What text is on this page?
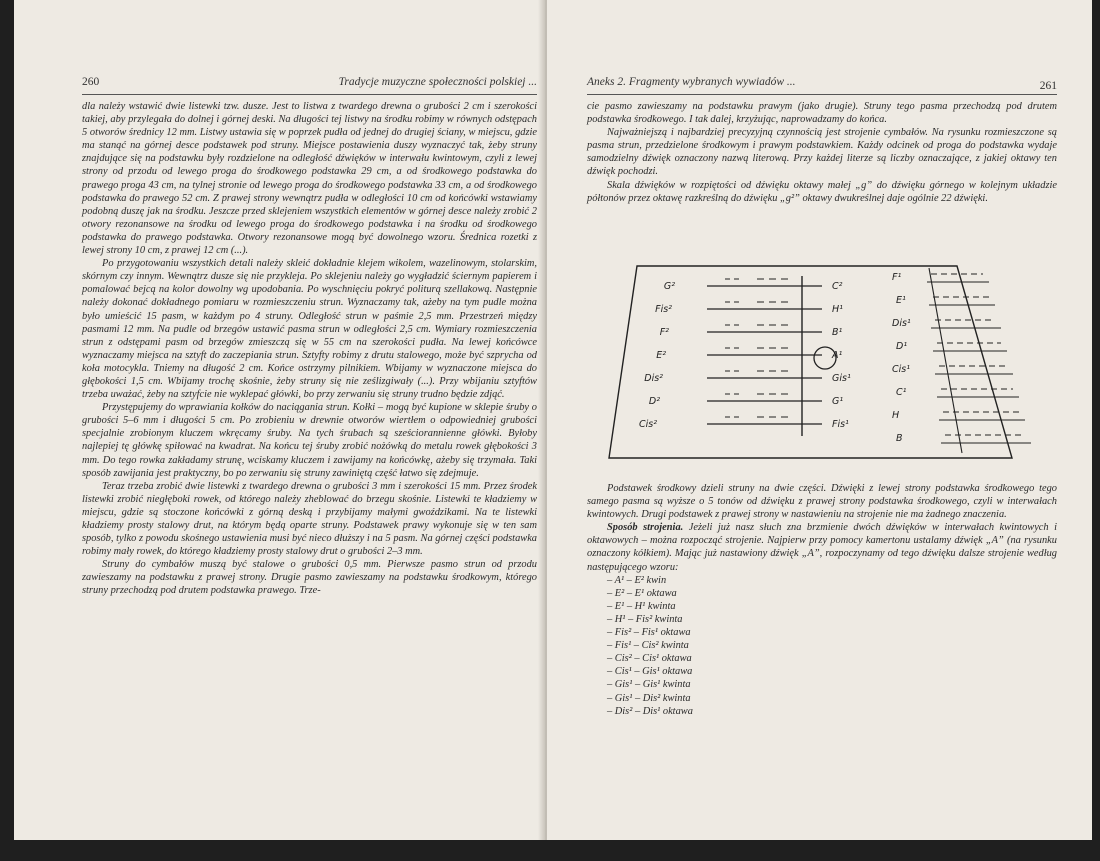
260	Tradycje muzyczne społeczności polskiej ...

dla należy wstawić dwie listewki tzw. dusze. Jest to listwa z twardego drewna o grubości 2 cm i szerokości takiej, aby przylegała do dolnej i górnej deski. Na długości tej listwy na środku robimy w równych odstępach 5 otworów średnicy 12 mm. Listwy ustawia się w poprzek pudła od jednej do drugiej ściany, w miejscu, gdzie ma stanąć na górnej desce podstawek pod struny. Miejsce postawienia duszy wyznaczyć tak, żeby struny znajdujące się na podstawku były rozdzielone na odległość dźwięków w interwału kwintowym, czyli z lewej strony od przodu od lewego proga do środkowego podstawka 29 cm, a od środkowego podstawka do prawego proga 43 cm, na tylnej stronie od lewego proga do środkowego podstawka 33 cm, a od środkowego podstawka do prawego 52 cm. Z prawej strony wewnątrz pudła w odległości 10 cm od końcówki wstawiamy podobną duszę jak na środku. Jeszcze przed sklejeniem wszystkich elementów w górnej desce należy zrobić 2 otwory rezonansowe na środku od lewego proga do środkowego podstawka i na środku od środkowego podstawka do prawego podstawka. Otwory rezonansowe mogą być dowolnego wzoru. Średnica rozetki z lewej strony 10 cm, z prawej 12 cm (...).

Po przygotowaniu wszystkich detali należy skleić dokładnie klejem wikolem, wazelinowym, stolarskim, skórnym czy innym. Wewnątrz dusze się nie przykleja. Po sklejeniu należy go wygładzić ściernym papierem i pomalować bejcą na kolor dowolny wg upodobania. Po wyschnięciu pokryć politurą szellakową. Następnie należy dokonać dokładnego pomiaru w rozmieszczeniu strun. Wyznaczamy tak, ażeby na tym pudle można było umieścić 15 pasm, w każdym po 4 struny. Odległość strun w paśmie 2,5 mm. Przestrzeń między pasmami 12 mm. Na pudle od brzegów ustawić pasma strun w odległości 2,5 cm. Wymiary rozmieszczenia strun z odstępami pasm od brzegów zmieszczą się w 55 cm na szerokości pudła. Na lewej końcówce wyznaczamy miejsca na sztyft do zaczepiania strun. Sztyfty robimy z drutu stalowego, może być szprycha od koła motocykla. Tniemy na długość 2 cm. Końce ostrzymy pilnikiem. Wbijamy w wyznaczone miejsca do głębokości 1,5 cm. Wbijamy trochę skośnie, żeby struny się nie ześlizgiwały (...). Przy wbijaniu sztyftów trzeba uważać, żeby na sztyfcie nie wyklepać główki, bo przy zerwaniu się struny trudno będzie zdjąć.

Przystępujemy do wprawiania kołków do naciągania strun. Kołki – mogą być kupione w sklepie śruby o grubości 5–6 mm i długości 5 cm. Po zrobieniu w drewnie otworów wiertłem o odpowiedniej grubości specjalnie zrobionym kluczem wkręcamy śruby. Na tych śrubach są sześciorannienne główki. Byłoby najlepiej tę główkę spiłować na kwadrat. Na końcu tej śruby zrobić nożówką do metalu rowek głębokości 3 mm. Do tego rowka zakładamy strunę, wciskamy kluczem i zawijamy na końcówkę, ażeby się trzymała. Taki sposób zawijania jest praktyczny, bo po zerwaniu się struny zawiniętą część łatwo się zdejmuje.

Teraz trzeba zrobić dwie listewki z twardego drewna o grubości 3 mm i szerokości 15 mm. Przez środek listewki zrobić niegłęboki rowek, od którego należy zheblować do brzegu skośnie. Listewki te kładziemy w miejscu, gdzie są stoczone końcówki z górną deską i przybijamy małymi gwoździkami. Na te listewki kładziemy prosty stalowy drut, na którym będą oparte struny. Podstawek prawy wykonuje się w ten sam sposób, tylko z powodu skośnego ustawienia musi być nieco dłuższy i na 5 pasm. Na górnej części podstawka robimy mały rowek, do którego kładziemy prosty stalowy drut o grubości 2–3 mm.

Struny do cymbałów muszą być stalowe o grubości 0,5 mm. Pierwsze pasmo strun od przodu zawieszamy na podstawku z prawej strony. Drugie pasmo zawieszamy na podstawku środkowym, którego struny przechodzą pod drutem podstawka prawego. Trze-

Aneks 2. Fragmenty wybranych wywiadów ...	261

cie pasmo zawieszamy na podstawku prawym (jako drugie). Struny tego pasma przechodzą pod drutem podstawka środkowego. I tak dalej, krzyżując, naprowadzamy do końca.

Najważniejszą i najbardziej precyzyjną czynnością jest strojenie cymbałów. Na rysunku rozmieszczone są pasma strun, przedzielone środkowym i prawym podstawkiem. Każdy odcinek od proga do podstawka wydaje samodzielny dźwięk oznaczony nazwą literową. Przy każdej literze są liczby oznaczające, z jakiej oktawy ten dźwięk pochodzi.

Skala dźwięków w rozpiętości od dźwięku oktawy małej „g” do dźwięku górnego w kolejnym układzie półtonów przez oktawę razkreślną do dźwięku „g²” oktawy dwukreślnej daje ogólnie 22 dźwięki.

G²
Fis²
F²
E²
Dis²
D²
Cis²
C²
H¹
B¹
A¹
Gis¹
G¹
Fis¹
F¹
E¹
Dis¹
D¹
Cis¹
C¹
H
B

Podstawek środkowy dzieli struny na dwie części. Dźwięki z lewej strony podstawka środkowego tego samego pasma są wyższe o 5 tonów od dźwięku z prawej strony podstawka środkowego, czyli w interwałach kwintowych. Drugi podstawek z prawej strony w nastawieniu na strojenie nie ma żadnego znaczenia.

Sposób strojenia. Jeżeli już nasz słuch zna brzmienie dwóch dźwięków w interwałach kwintowych i oktawowych – można rozpocząć strojenie. Najpierw przy pomocy kamertonu ustalamy dźwięk „A” (na rysunku oznaczony kółkiem). Mając już nastawiony dźwięk „A”, rozpoczynamy od tego dźwięku dalsze strojenie według następującego wzoru:

– A¹ – E² kwin
– E² – E¹ oktawa
– E¹ – H¹ kwinta
– H¹ – Fis² kwinta
– Fis² – Fis¹ oktawa
– Fis¹ – Cis² kwinta
– Cis² – Cis¹ oktawa
– Cis¹ – Gis¹ oktawa
– Gis¹ – Gis¹ kwinta
– Gis¹ – Dis² kwinta
– Dis² – Dis¹ oktawa
